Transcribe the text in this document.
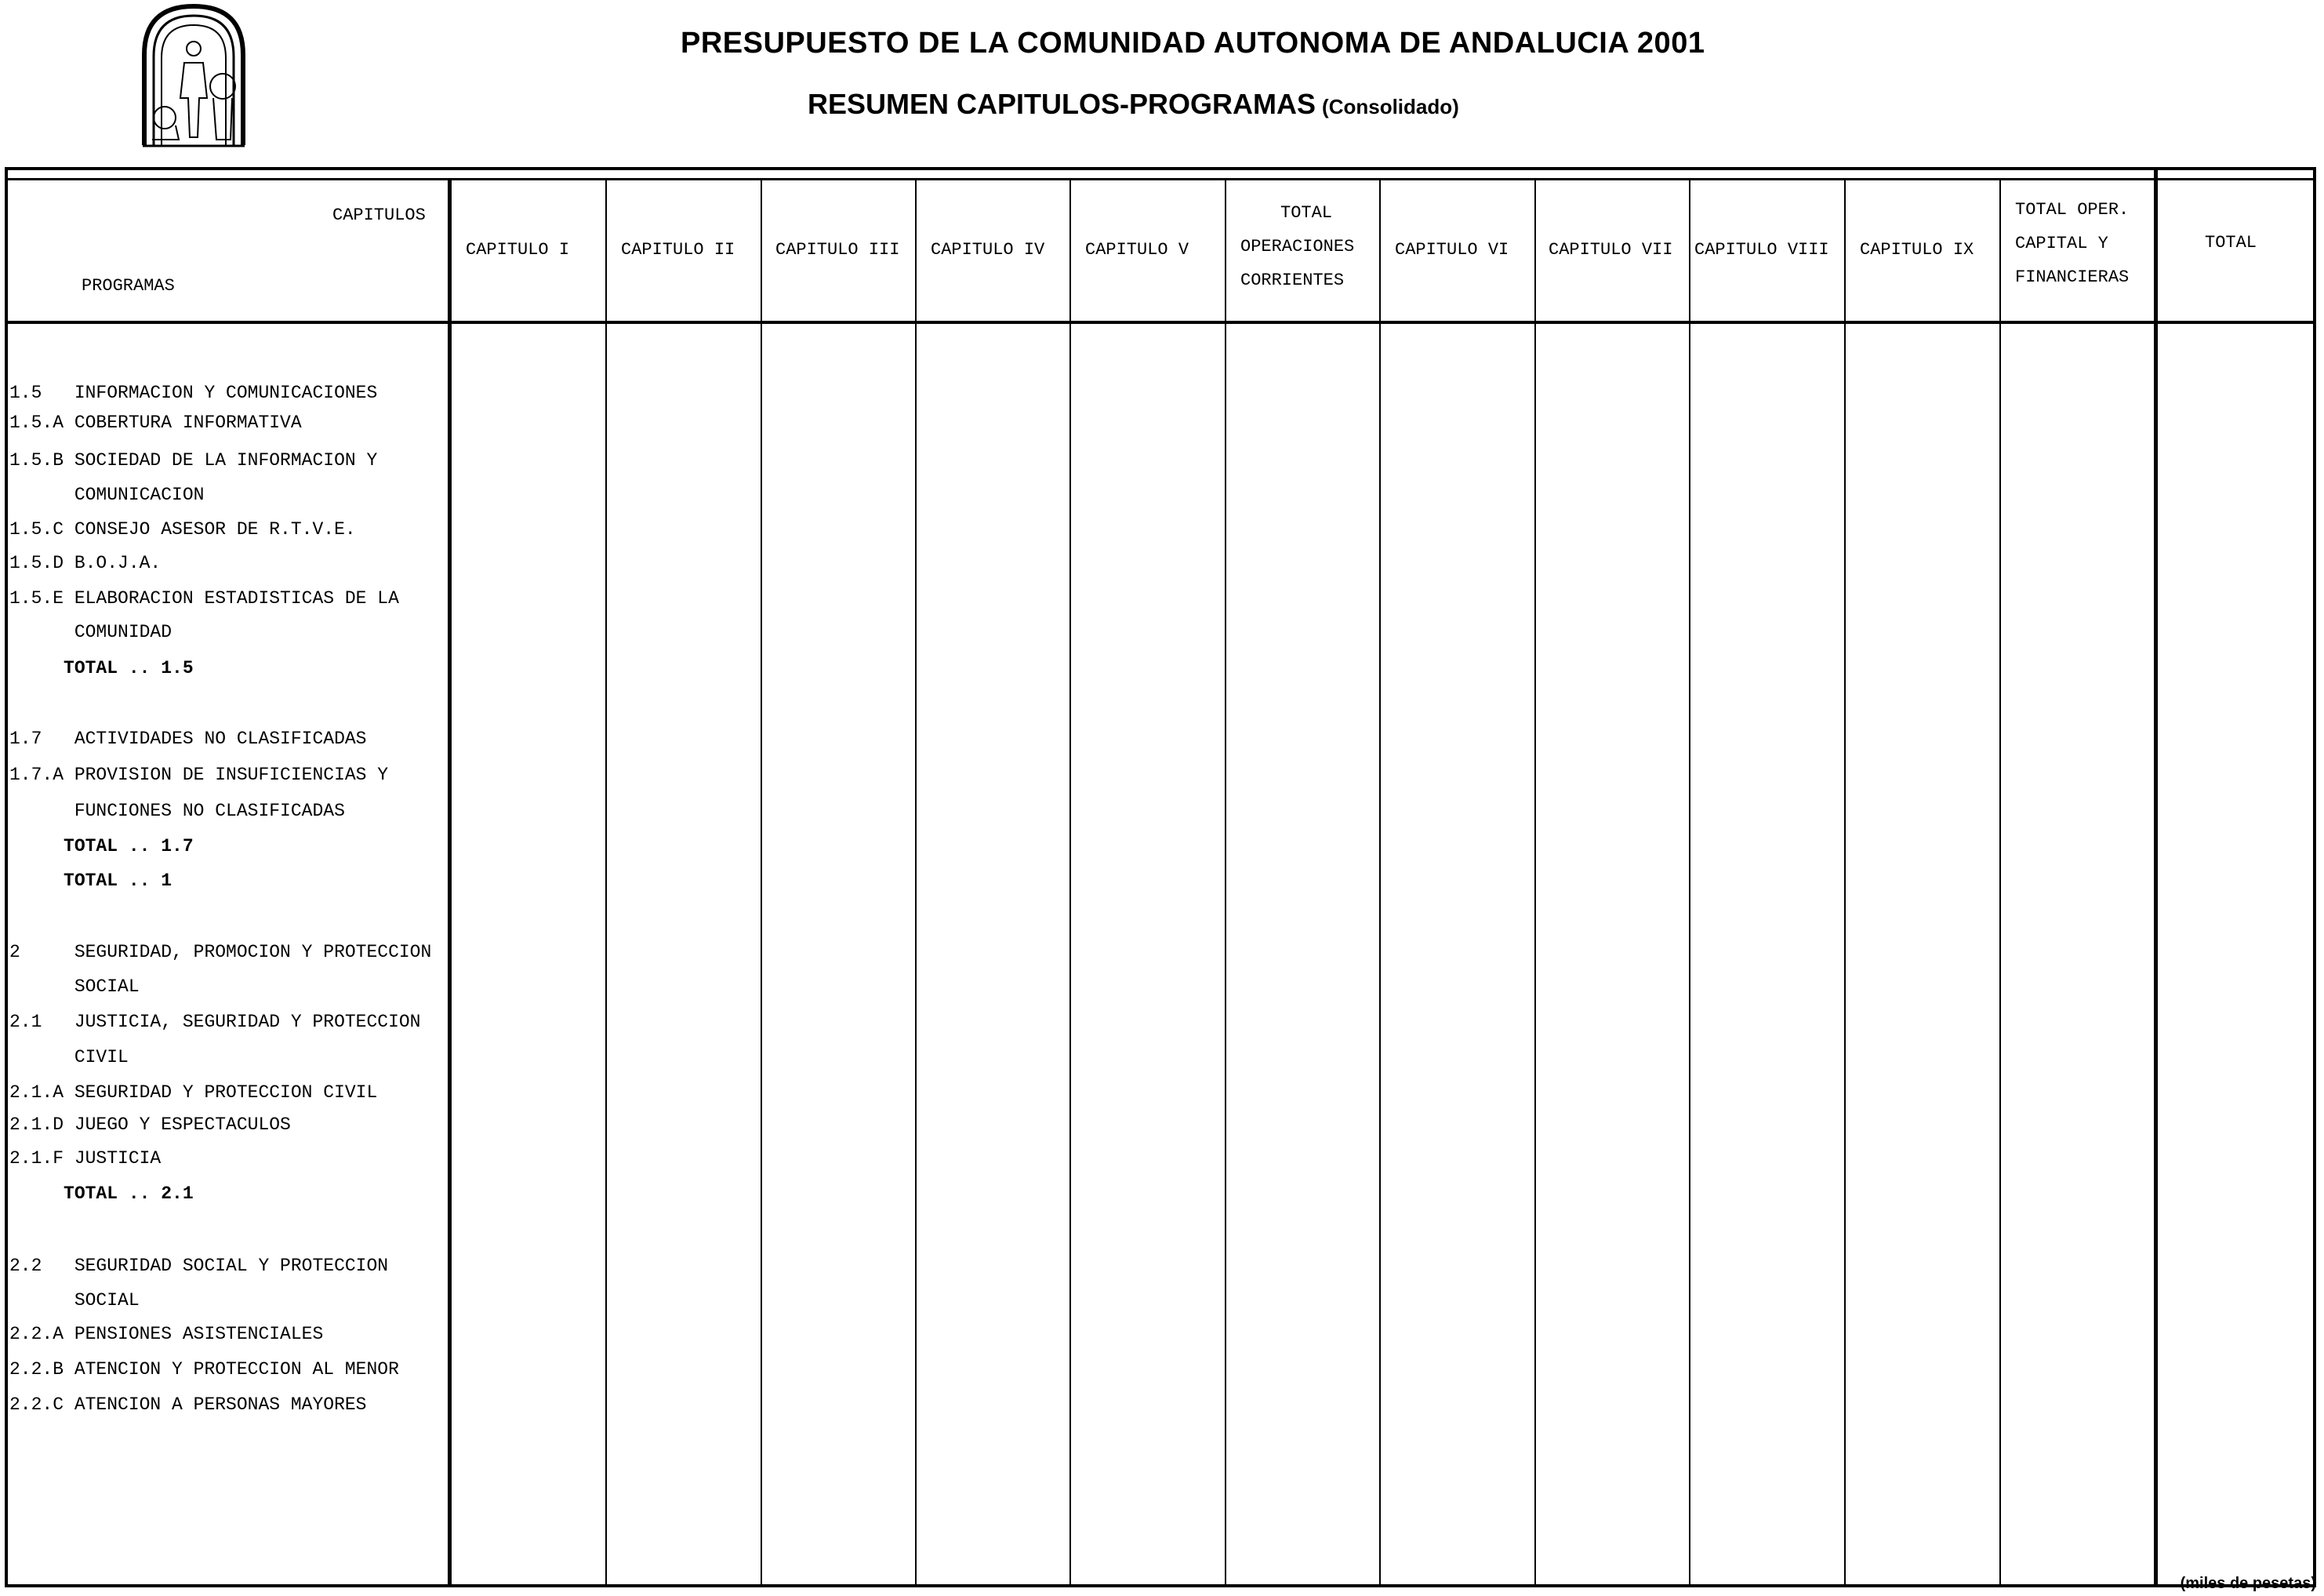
PRESUPUESTO DE LA COMUNIDAD AUTONOMA DE ANDALUCIA 2001
RESUMEN CAPITULOS-PROGRAMAS (Consolidado)
CAPITULOS
PROGRAMAS
CAPITULO I	CAPITULO II CAPITULO III CAPITULO IV CAPITULO V
TOTAL
OPERACIONES
CORRIENTES
CAPITULO VI CAPITULO VII CAPITULO VIII CAPITULO IX
TOTAL OPER.
CAPITAL Y
FINANCIERAS
TOTAL
1.5   INFORMACION Y COMUNICACIONES
1.5.A COBERTURA INFORMATIVA
1.5.B SOCIEDAD DE LA INFORMACION Y
COMUNICACION
1.5.C CONSEJO ASESOR DE R.T.V.E.
1.5.D B.O.J.A.
1.5.E ELABORACION ESTADISTICAS DE LA
COMUNIDAD
TOTAL .. 1.5
1.7   ACTIVIDADES NO CLASIFICADAS
1.7.A PROVISION DE INSUFICIENCIAS Y
FUNCIONES NO CLASIFICADAS
TOTAL .. 1.7
TOTAL .. 1
2     SEGURIDAD, PROMOCION Y PROTECCION
SOCIAL
2.1   JUSTICIA, SEGURIDAD Y PROTECCION
CIVIL
2.1.A SEGURIDAD Y PROTECCION CIVIL
2.1.D JUEGO Y ESPECTACULOS
2.1.F JUSTICIA
TOTAL .. 2.1
2.2   SEGURIDAD SOCIAL Y PROTECCION
SOCIAL
2.2.A PENSIONES ASISTENCIALES
2.2.B ATENCION Y PROTECCION AL MENOR
2.2.C ATENCION A PERSONAS MAYORES
(miles de pesetas)
